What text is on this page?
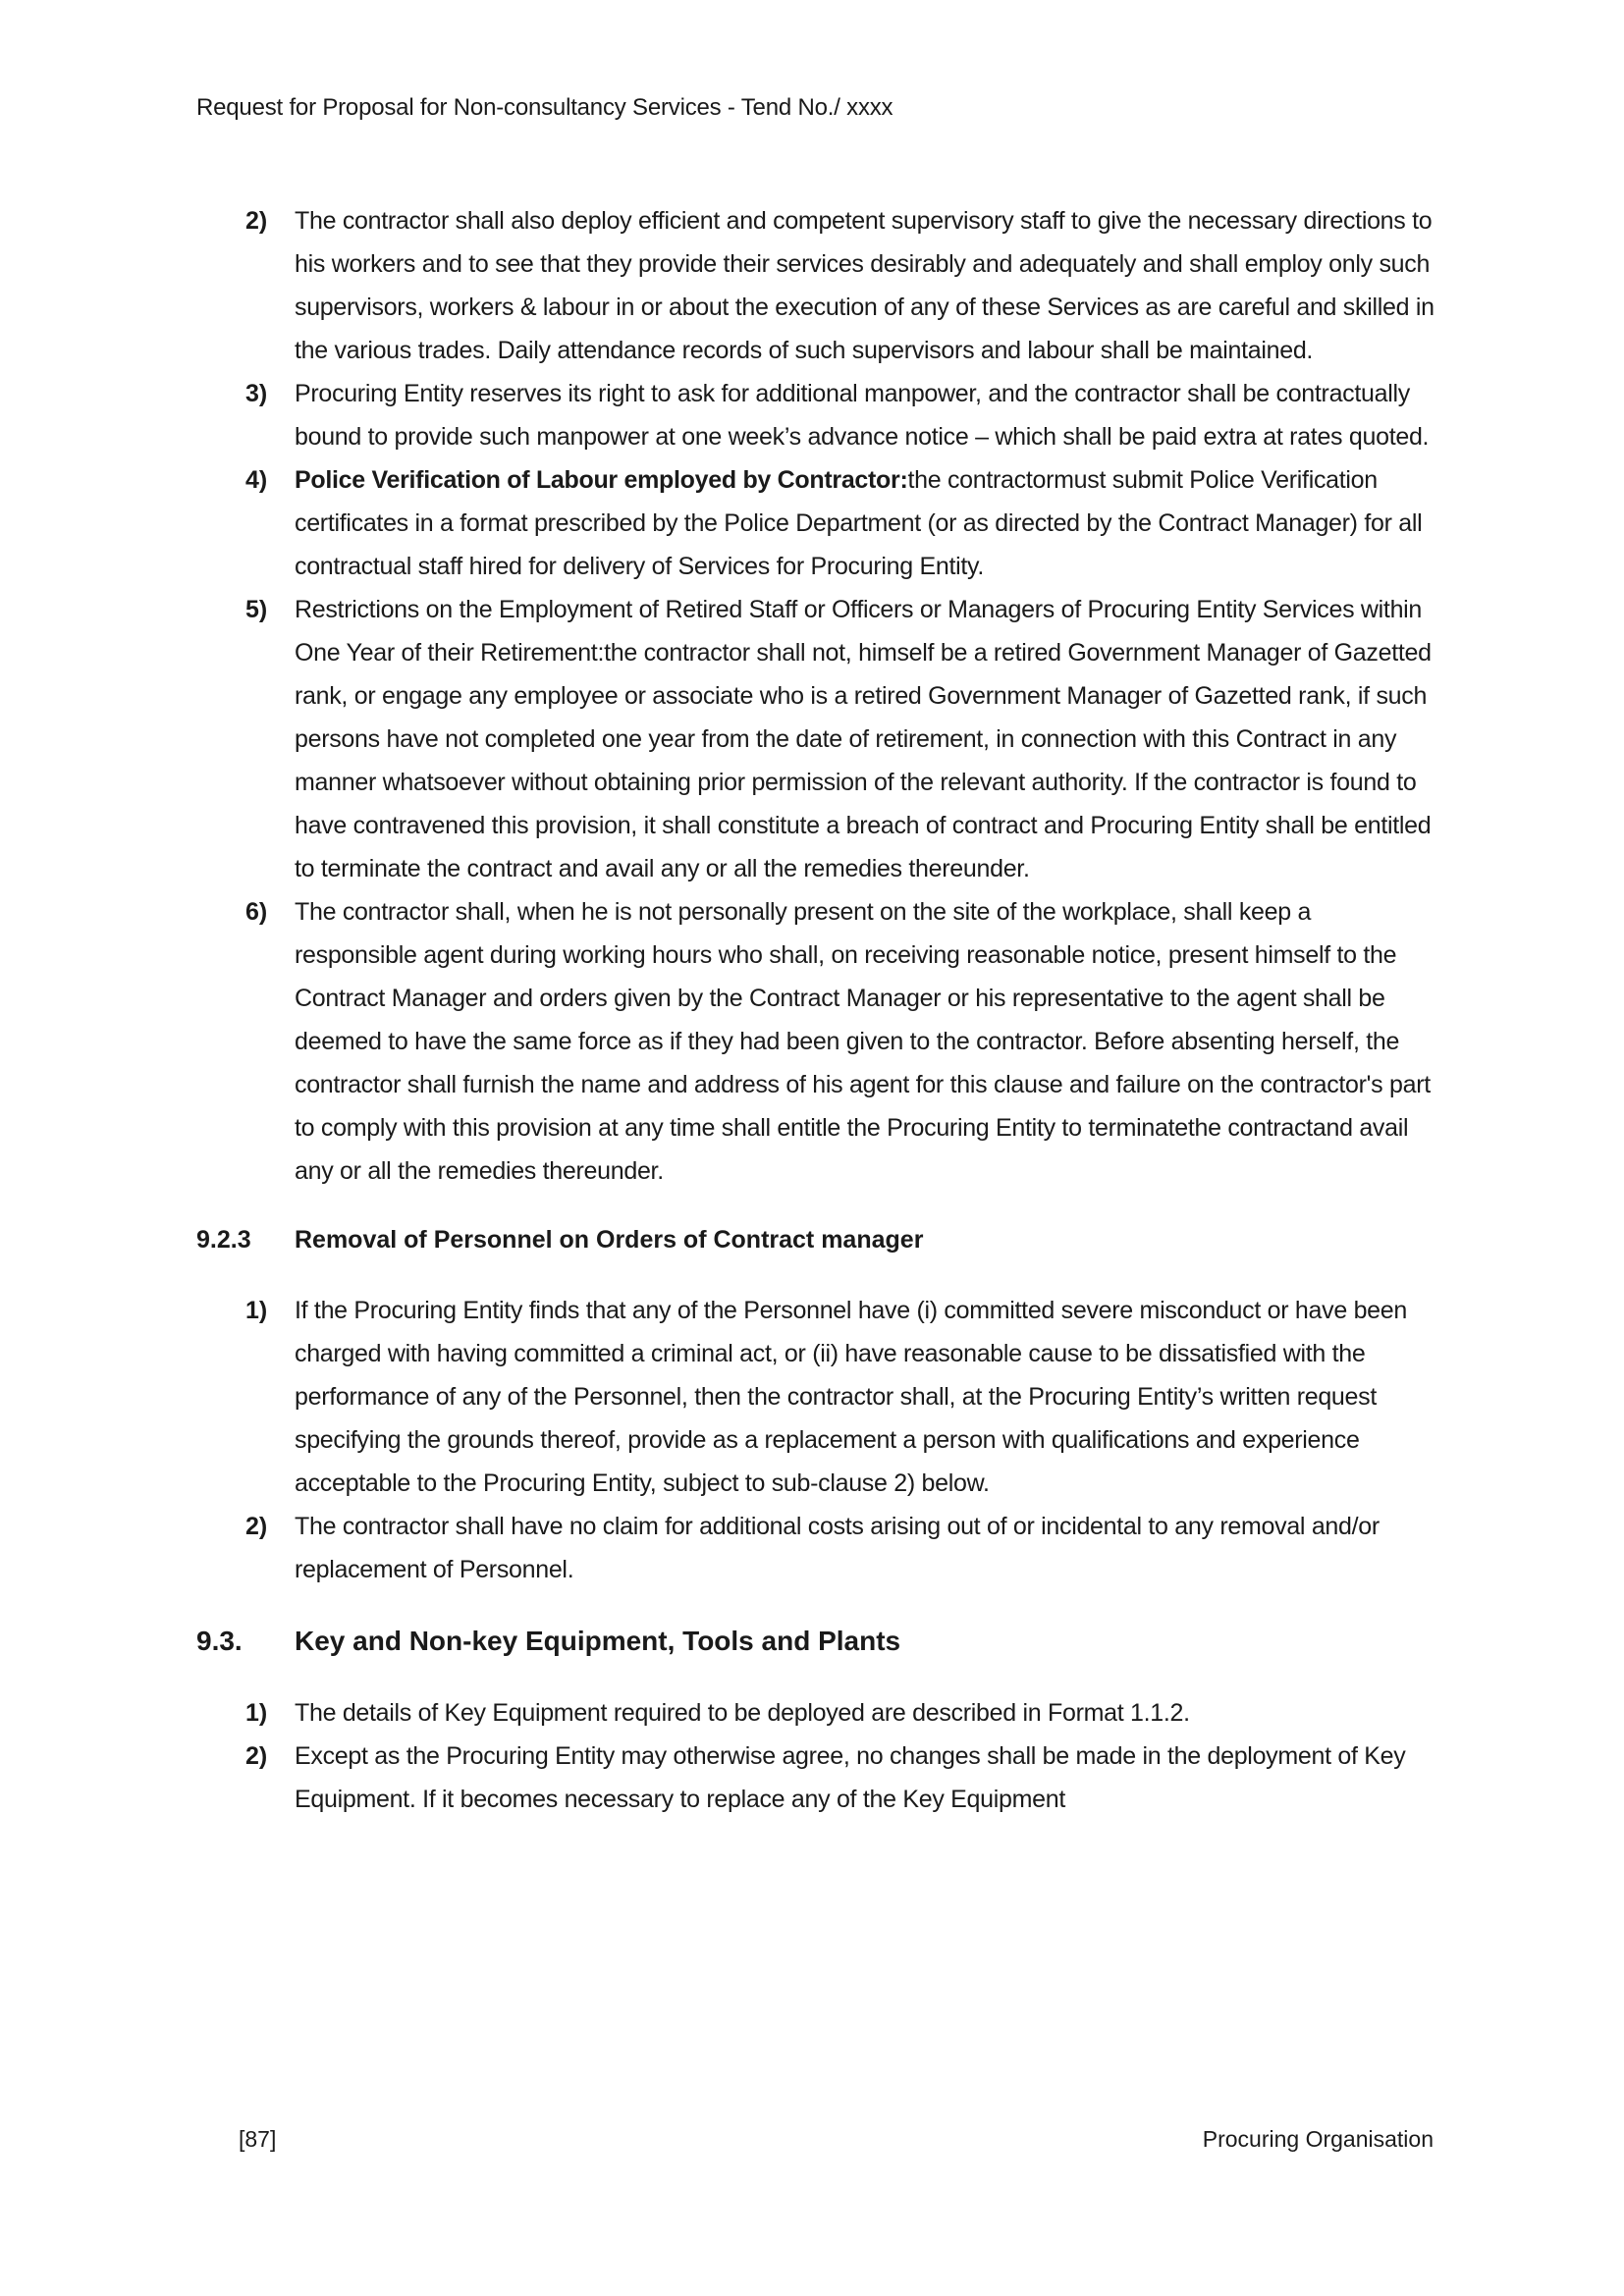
Request for Proposal for Non-consultancy Services - Tend No./ xxxx
2)	The contractor shall also deploy efficient and competent supervisory staff to give the necessary directions to his workers and to see that they provide their services desirably and adequately and shall employ only such supervisors, workers & labour in or about the execution of any of these Services as are careful and skilled in the various trades. Daily attendance records of such supervisors and labour shall be maintained.
3)	Procuring Entity reserves its right to ask for additional manpower, and the contractor shall be contractually bound to provide such manpower at one week’s advance notice – which shall be paid extra at rates quoted.
4)	Police Verification of Labour employed by Contractor:the contractormust submit Police Verification certificates in a format prescribed by the Police Department (or as directed by the Contract Manager) for all contractual staff hired for delivery of Services for Procuring Entity.
5)	Restrictions on the Employment of Retired Staff or Officers or Managers of Procuring Entity Services within One Year of their Retirement:the contractor shall not, himself be a retired Government Manager of Gazetted rank, or engage any employee or associate who is a retired Government Manager of Gazetted rank, if such persons have not completed one year from the date of retirement, in connection with this Contract in any manner whatsoever without obtaining prior permission of the relevant authority. If the contractor is found to have contravened this provision, it shall constitute a breach of contract and Procuring Entity shall be entitled to terminate the contract and avail any or all the remedies thereunder.
6)	The contractor shall, when he is not personally present on the site of the workplace, shall keep a responsible agent during working hours who shall, on receiving reasonable notice, present himself to the Contract Manager and orders given by the Contract Manager or his representative to the agent shall be deemed to have the same force as if they had been given to the contractor. Before absenting herself, the contractor shall furnish the name and address of his agent for this clause and failure on the contractor's part to comply with this provision at any time shall entitle the Procuring Entity to terminatethe contractand avail any or all the remedies thereunder.
9.2.3	Removal of Personnel on Orders of Contract manager
1)	If the Procuring Entity finds that any of the Personnel have (i) committed severe misconduct or have been charged with having committed a criminal act, or (ii) have reasonable cause to be dissatisfied with the performance of any of the Personnel, then the contractor shall, at the Procuring Entity’s written request specifying the grounds thereof, provide as a replacement a person with qualifications and experience acceptable to the Procuring Entity, subject to sub-clause 2) below.
2)	The contractor shall have no claim for additional costs arising out of or incidental to any removal and/or replacement of Personnel.
9.3.	Key and Non-key Equipment, Tools and Plants
1)	The details of Key Equipment required to be deployed are described in Format 1.1.2.
2)	Except as the Procuring Entity may otherwise agree, no changes shall be made in the deployment of Key Equipment. If it becomes necessary to replace any of the Key Equipment
[87]	Procuring Organisation
